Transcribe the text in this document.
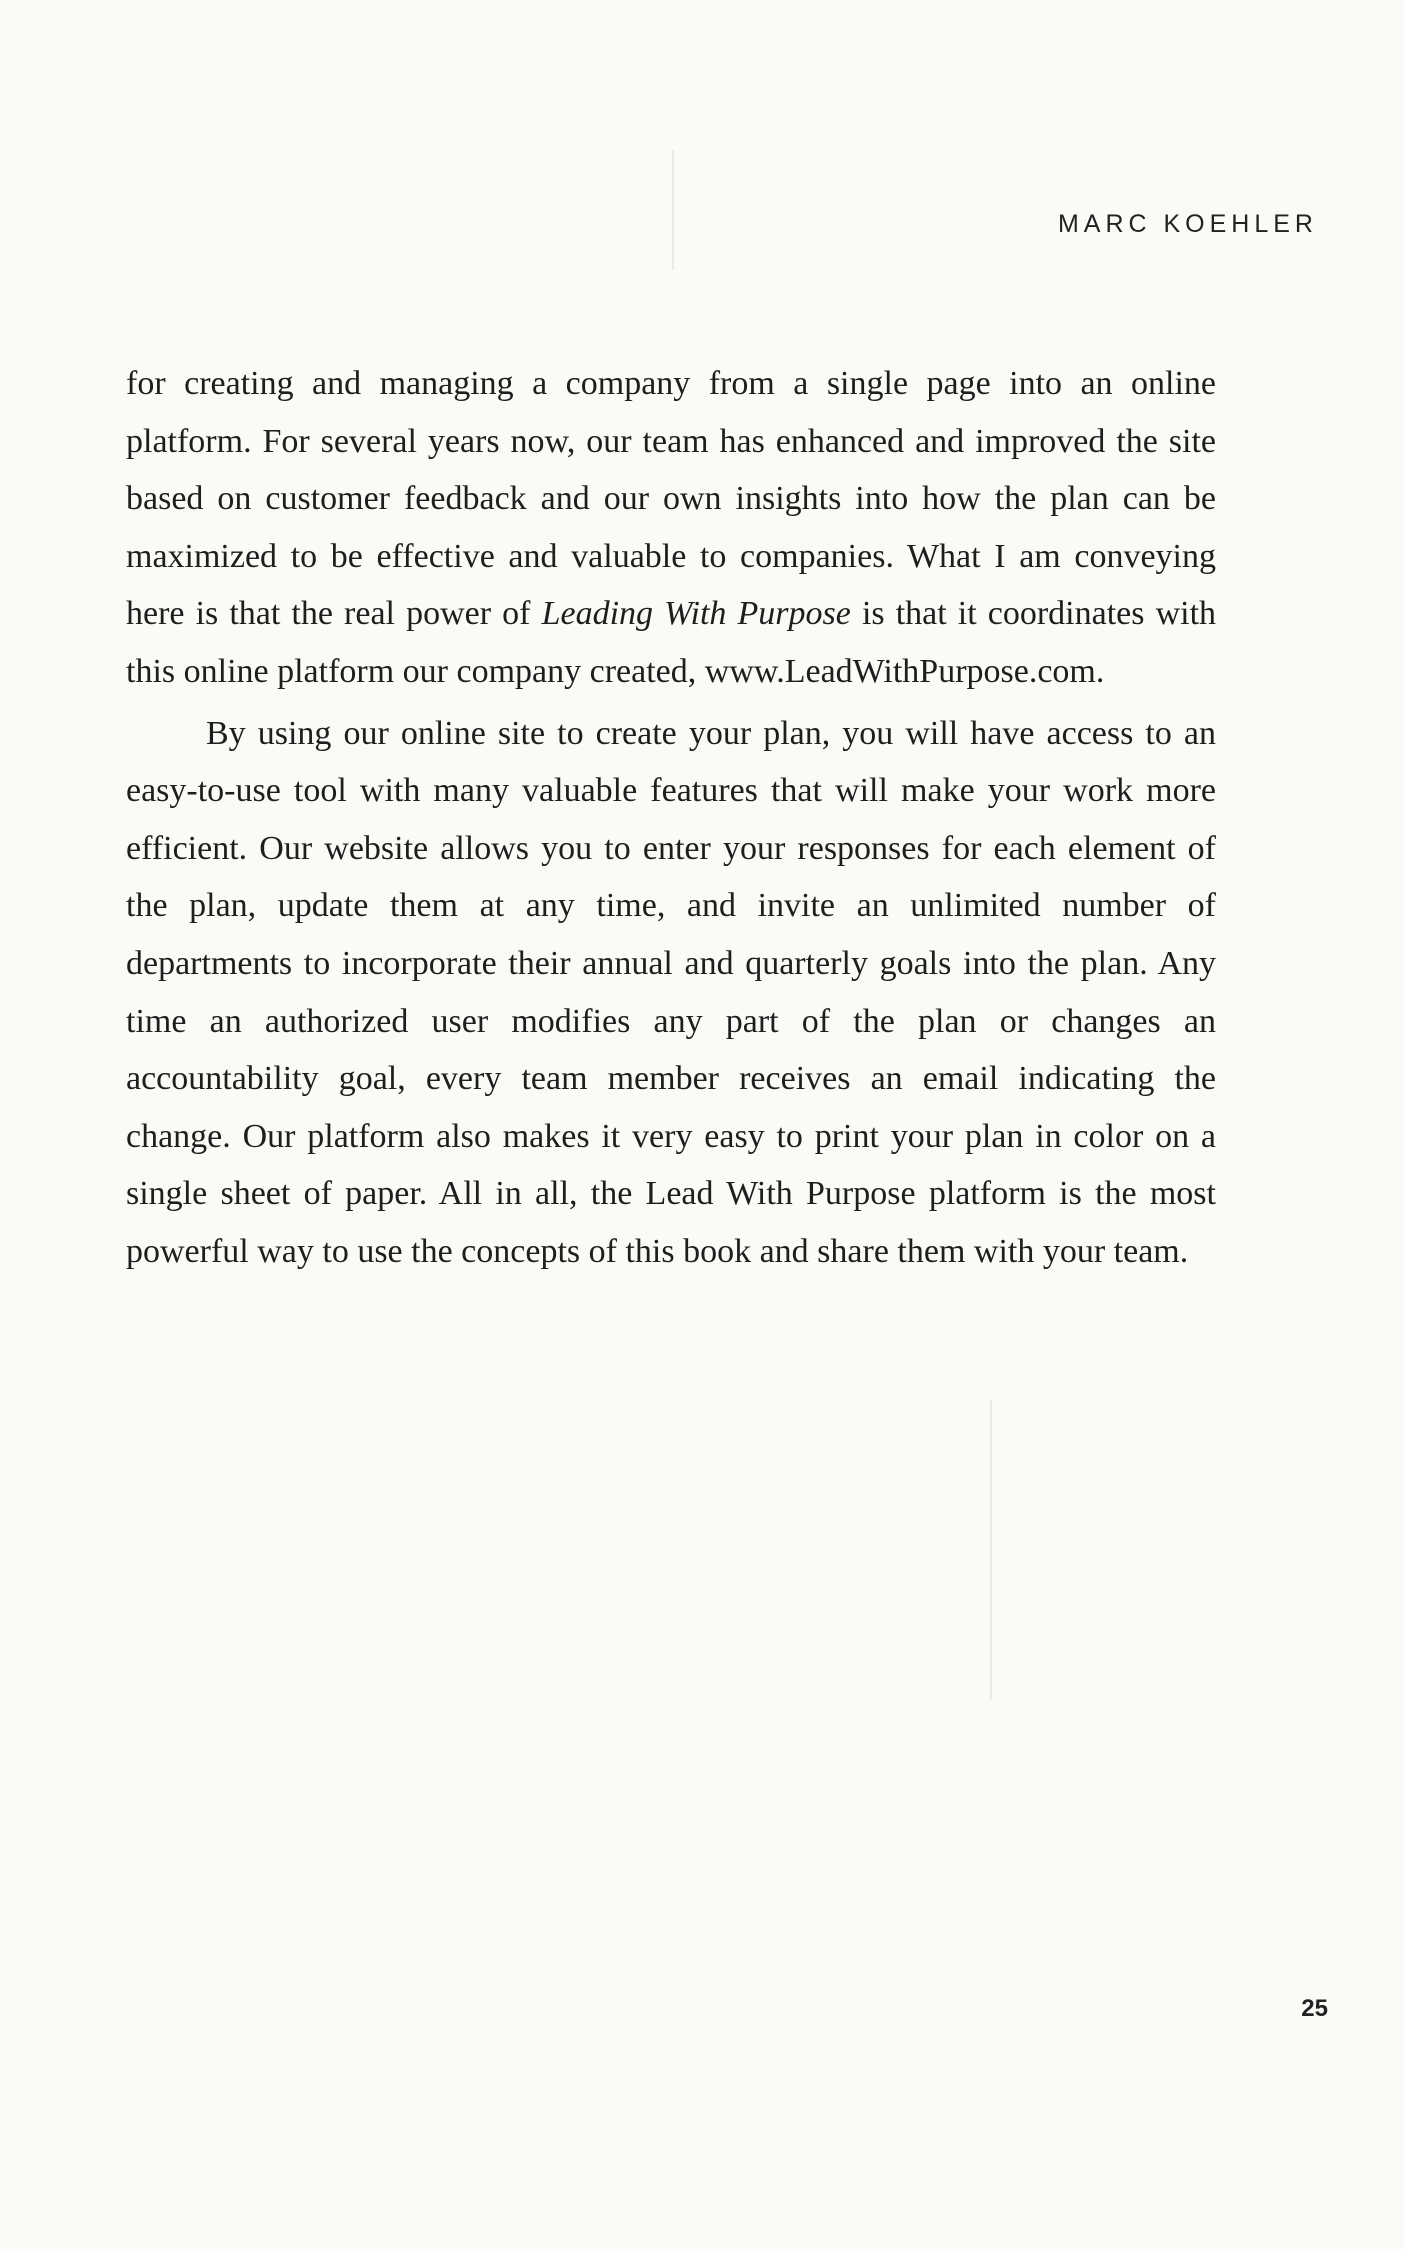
MARC KOEHLER

for creating and managing a company from a single page into an online platform. For several years now, our team has enhanced and improved the site based on customer feedback and our own insights into how the plan can be maximized to be effective and valuable to companies. What I am conveying here is that the real power of Leading With Purpose is that it coordinates with this online platform our company created, www.LeadWithPurpose.com.

By using our online site to create your plan, you will have access to an easy-to-use tool with many valuable features that will make your work more efficient. Our website allows you to enter your responses for each element of the plan, update them at any time, and invite an unlimited number of departments to incorporate their annual and quarterly goals into the plan. Any time an authorized user modifies any part of the plan or changes an accountability goal, every team member receives an email indicating the change. Our platform also makes it very easy to print your plan in color on a single sheet of paper. All in all, the Lead With Purpose platform is the most powerful way to use the concepts of this book and share them with your team.

25
